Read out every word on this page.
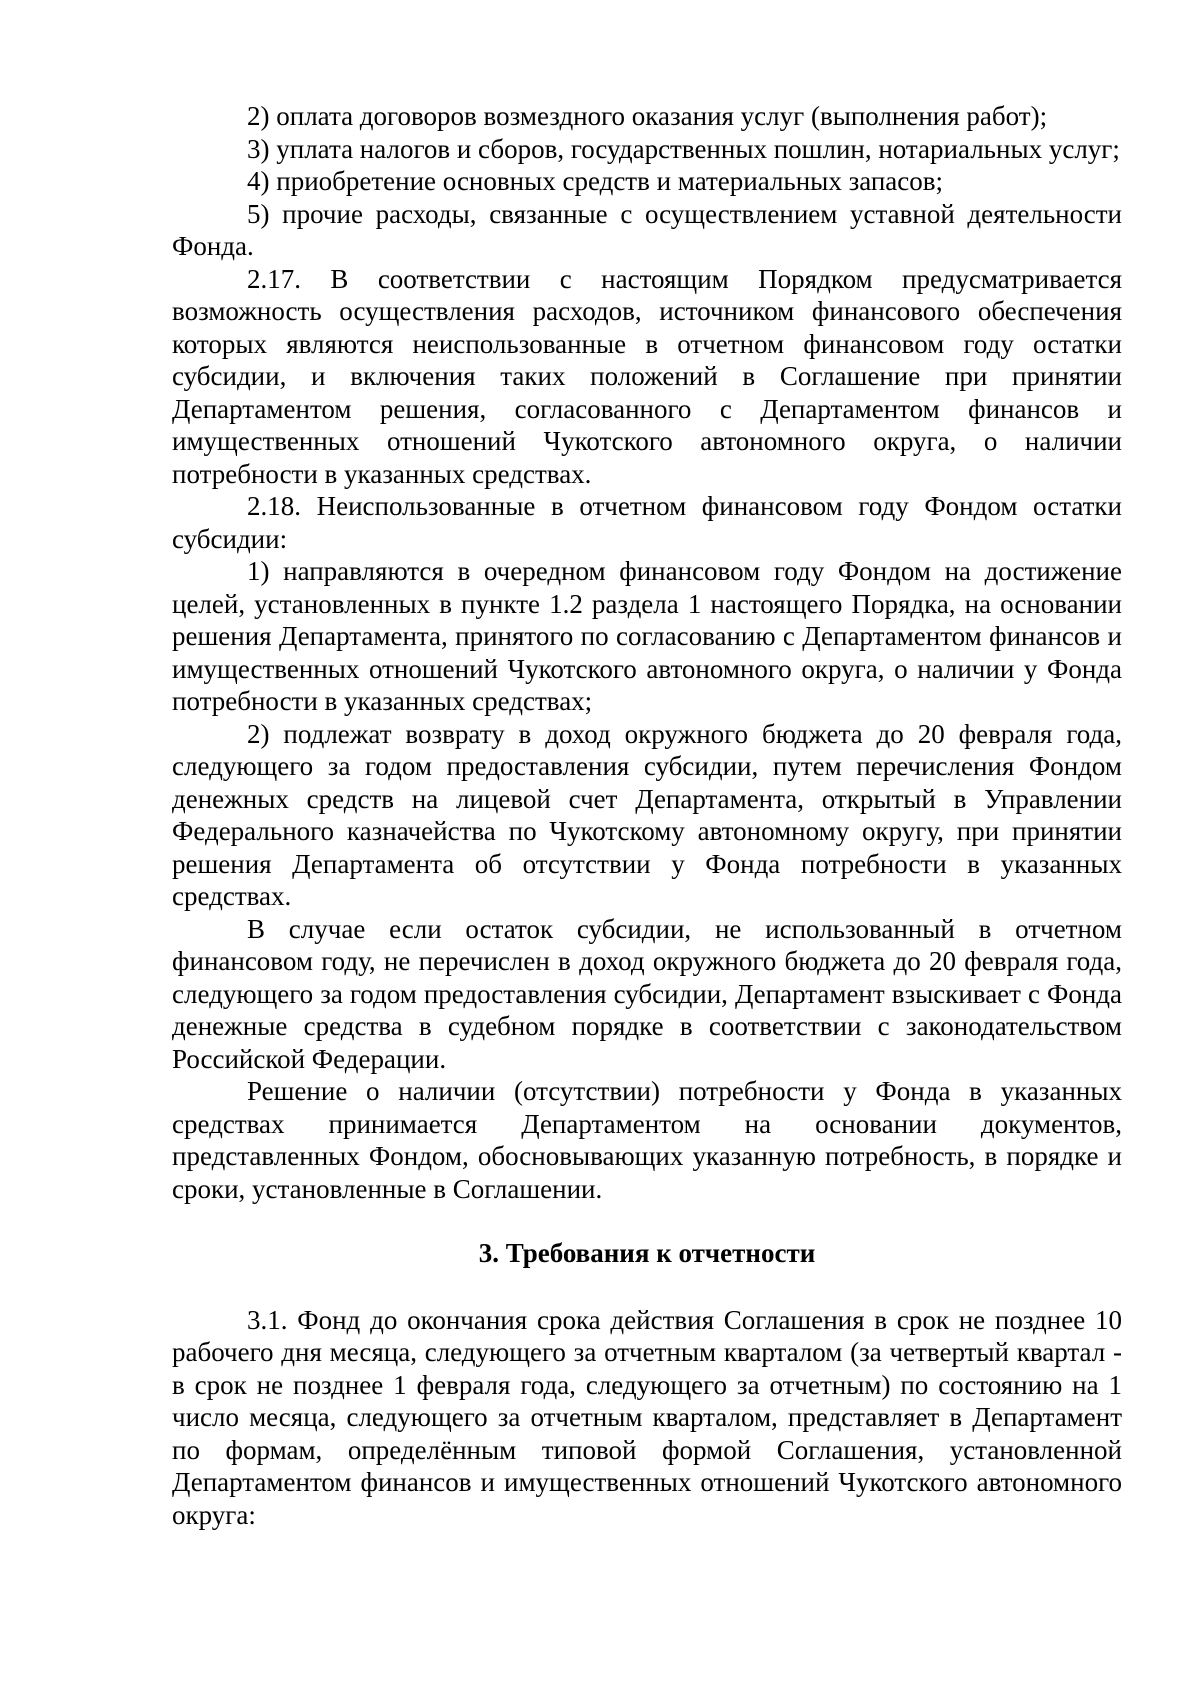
2) оплата договоров возмездного оказания услуг (выполнения работ);

3) уплата налогов и сборов, государственных пошлин, нотариальных услуг;

4) приобретение основных средств и материальных запасов;

5) прочие расходы, связанные с осуществлением уставной деятельности Фонда.

2.17. В соответствии с настоящим Порядком предусматривается возможность осуществления расходов, источником финансового обеспечения которых являются неиспользованные в отчетном финансовом году остатки субсидии, и включения таких положений в Соглашение при принятии Департаментом решения, согласованного с Департаментом финансов и имущественных отношений Чукотского автономного округа, о наличии потребности в указанных средствах.

2.18. Неиспользованные в отчетном финансовом году Фондом остатки субсидии:

1) направляются в очередном финансовом году Фондом на достижение целей, установленных в пункте 1.2 раздела 1 настоящего Порядка, на основании решения Департамента, принятого по согласованию с Департаментом финансов и имущественных отношений Чукотского автономного округа, о наличии у Фонда потребности в указанных средствах;

2) подлежат возврату в доход окружного бюджета до 20 февраля года, следующего за годом предоставления субсидии, путем перечисления Фондом денежных средств на лицевой счет Департамента, открытый в Управлении Федерального казначейства по Чукотскому автономному округу, при принятии решения Департамента об отсутствии у Фонда потребности в указанных средствах.

В случае если остаток субсидии, не использованный в отчетном финансовом году, не перечислен в доход окружного бюджета до 20 февраля года, следующего за годом предоставления субсидии, Департамент взыскивает с Фонда денежные средства в судебном порядке в соответствии с законодательством Российской Федерации.

Решение о наличии (отсутствии) потребности у Фонда в указанных средствах принимается Департаментом на основании документов, представленных Фондом, обосновывающих указанную потребность, в порядке и сроки, установленные в Соглашении.

3. Требования к отчетности

3.1. Фонд до окончания срока действия Соглашения в срок не позднее 10 рабочего дня месяца, следующего за отчетным кварталом (за четвертый квартал - в срок не позднее 1 февраля года, следующего за отчетным) по состоянию на 1 число месяца, следующего за отчетным кварталом, представляет в Департамент по формам, определённым типовой формой Соглашения, установленной Департаментом финансов и имущественных отношений Чукотского автономного округа:
